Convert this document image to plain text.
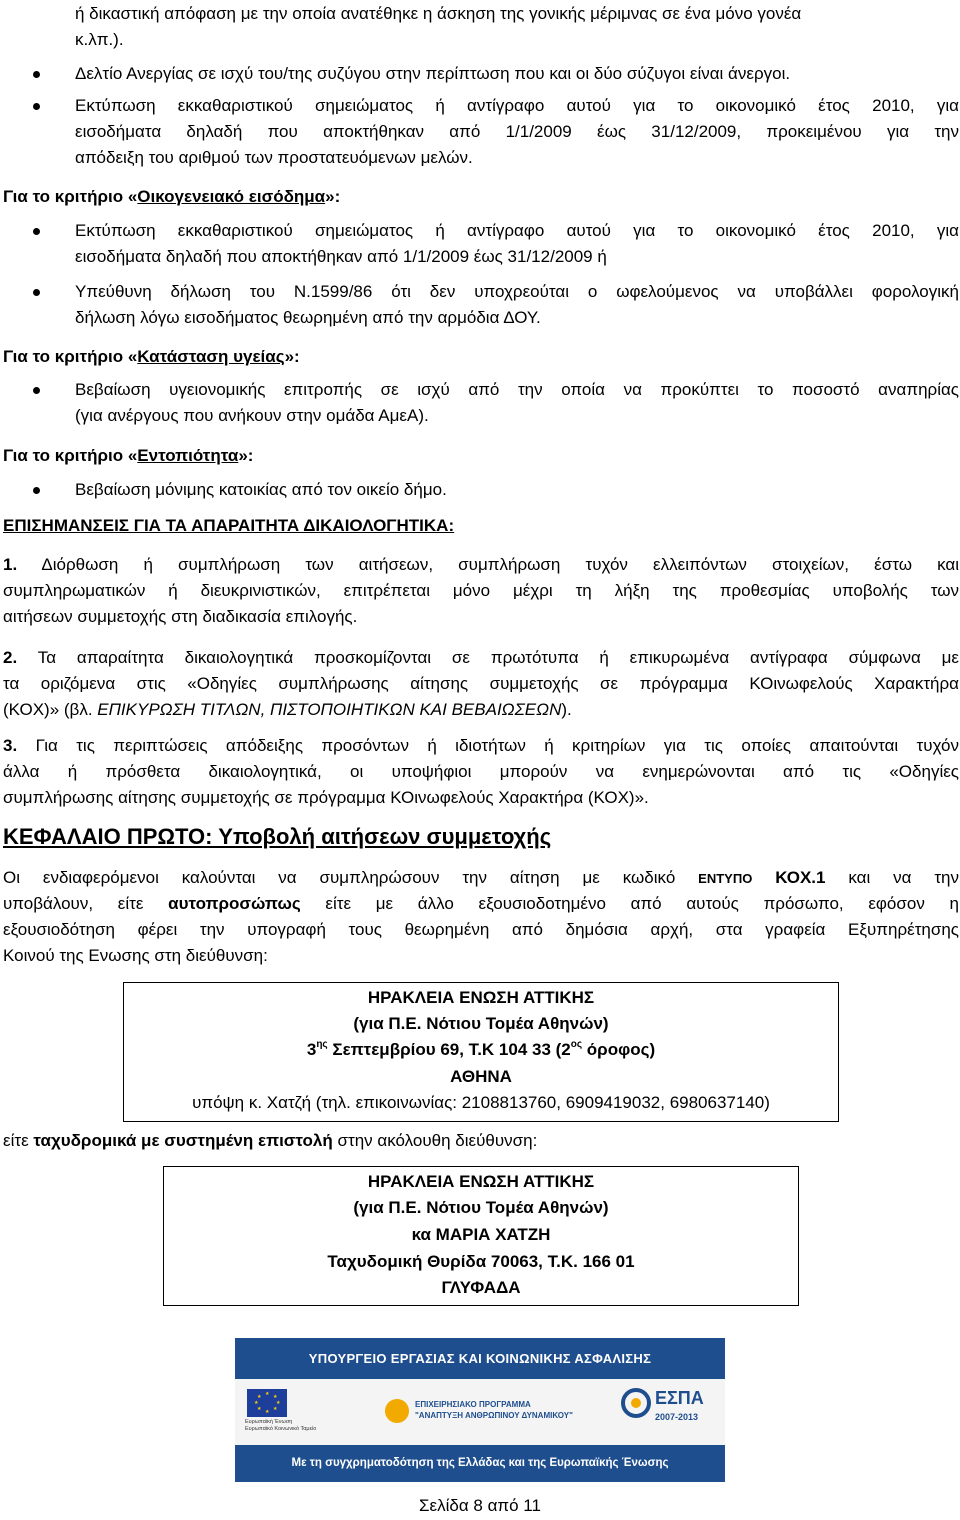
ή δικαστική απόφαση με την οποία ανατέθηκε η άσκηση της γονικής μέριμνας σε ένα μόνο γονέα
κ.λπ.).
Δελτίο Ανεργίας σε ισχύ του/της συζύγου στην περίπτωση που και οι δύο σύζυγοι είναι άνεργοι.
Εκτύπωση εκκαθαριστικού σημειώματος ή αντίγραφο αυτού για το οικονομικό έτος 2010, για
εισοδήματα δηλαδή που αποκτήθηκαν από 1/1/2009 έως 31/12/2009, προκειμένου για την
απόδειξη του αριθμού των προστατευόμενων μελών.
Για το κριτήριο «Οικογενειακό εισόδημα»:
Εκτύπωση εκκαθαριστικού σημειώματος ή αντίγραφο αυτού για το οικονομικό έτος 2010, για
εισοδήματα δηλαδή που αποκτήθηκαν από 1/1/2009 έως 31/12/2009 ή
Υπεύθυνη δήλωση του Ν.1599/86 ότι δεν υποχρεούται ο ωφελούμενος να υποβάλλει φορολογική
δήλωση λόγω εισοδήματος θεωρημένη από την αρμόδια ΔΟΥ.
Για το κριτήριο «Κατάσταση υγείας»:
Βεβαίωση υγειονομικής επιτροπής σε ισχύ από την οποία να προκύπτει το ποσοστό αναπηρίας
(για ανέργους που ανήκουν στην ομάδα ΑμεΑ).
Για το κριτήριο «Εντοπιότητα»:
Βεβαίωση μόνιμης κατοικίας από τον οικείο δήμο.
ΕΠΙΣΗΜΑΝΣΕΙΣ ΓΙΑ ΤΑ ΑΠΑΡΑΙΤΗΤΑ ΔΙΚΑΙΟΛΟΓΗΤΙΚΑ:
1. Διόρθωση ή συμπλήρωση των αιτήσεων, συμπλήρωση τυχόν ελλειπόντων στοιχείων, έστω και
συμπληρωματικών ή διευκρινιστικών, επιτρέπεται μόνο μέχρι τη λήξη της προθεσμίας υποβολής των
αιτήσεων συμμετοχής στη διαδικασία επιλογής.
2. Τα απαραίτητα δικαιολογητικά προσκομίζονται σε πρωτότυπα ή επικυρωμένα αντίγραφα σύμφωνα με
τα οριζόμενα στις «Οδηγίες συμπλήρωσης αίτησης συμμετοχής σε πρόγραμμα ΚΟινωφελούς Χαρακτήρα
(ΚΟΧ)» (βλ. ΕΠΙΚΥΡΩΣΗ ΤΙΤΛΩΝ, ΠΙΣΤΟΠΟΙΗΤΙΚΩΝ ΚΑΙ ΒΕΒΑΙΩΣΕΩΝ).
3. Για τις περιπτώσεις απόδειξης προσόντων ή ιδιοτήτων ή κριτηρίων για τις οποίες απαιτούνται τυχόν
άλλα ή πρόσθετα δικαιολογητικά, οι υποψήφιοι μπορούν να ενημερώνονται από τις «Οδηγίες
συμπλήρωσης αίτησης συμμετοχής σε πρόγραμμα ΚΟινωφελούς Χαρακτήρα (ΚΟΧ)».
ΚΕΦΑΛΑΙΟ ΠΡΩΤΟ: Υποβολή αιτήσεων συμμετοχής
Οι ενδιαφερόμενοι καλούνται να συμπληρώσουν την αίτηση με κωδικό ΕΝΤΥΠΟ ΚΟΧ.1 και να την
υποβάλουν, είτε αυτοπροσώπως είτε με άλλο εξουσιοδοτημένο από αυτούς πρόσωπο, εφόσον η
εξουσιοδότηση φέρει την υπογραφή τους θεωρημένη από δημόσια αρχή, στα γραφεία Εξυπηρέτησης
Κοινού της Ενωσης στη διεύθυνση:
ΗΡΑΚΛΕΙΑ ΕΝΩΣΗ ΑΤΤΙΚΗΣ
(για Π.Ε. Νότιου Τομέα Αθηνών)
$3^{\eta\varsigma}$ Σεπτεμβρίου 69, Τ.Κ 104 33 ($2^{o\varsigma}$ όροφος)
ΑΘΗΝΑ
υπόψη κ. Χατζή (τηλ. επικοινωνίας: 2108813760, 6909419032, 6980637140)
είτε ταχυδρομικά με συστημένη επιστολή στην ακόλουθη διεύθυνση:
ΗΡΑΚΛΕΙΑ ΕΝΩΣΗ ΑΤΤΙΚΗΣ
(για Π.Ε. Νότιου Τομέα Αθηνών)
κα ΜΑΡΙΑ ΧΑΤΖΗ
Ταχυδομική Θυρίδα 70063, Τ.Κ. 166 01
ΓΛΥΦΑΔΑ
ΥΠΟΥΡΓΕΙΟ ΕΡΓΑΣΙΑΣ ΚΑΙ ΚΟΙΝΩΝΙΚΗΣ ΑΣΦΑΛΙΣΗΣ
★ ★
★
★
★
★
★
★
Ευρωπαϊκή Ένωση
Ευρωπαϊκό Κοινωνικό Ταμείο
ΕΠΙΧΕΙΡΗΣΙΑΚΟ ΠΡΟΓΡΑΜΜΑ
"ΑΝΑΠΤΥΞΗ ΑΝΘΡΩΠΙΝΟΥ ΔΥΝΑΜΙΚΟΥ"
ΕΣΠΑ
2007-2013
Με τη συγχρηματοδότηση της Ελλάδας και της Ευρωπαϊκής Ένωσης
Σελίδα 8 από 11
